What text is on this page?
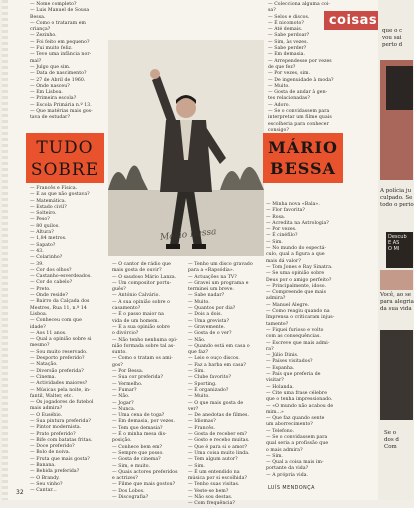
coisas

— Nome completo?

— Luis Manuel de Sousa

Bessa.

— Como o trataram em

criança?

— Zezinho.

— Foi feito em pequeno?

— Fui muito feliz.

— Teve uma infância nor-

mal?

— Julgo que sim.

— Data de nascimento?

— 27 de Abril de 1960.

— Onde nasceu?

— Em Lisboa.

— Primeira escola?

— Escola Primária n.º 13.

— Que matérias mais gos-

tava de estudar?

— Francês e Física.

— E as que não gostava?

— Matemática.

— Estado civil?

— Solteiro.

— Peso?

— 80 quilos.

— Altura?

— 1,84 metros.

— Sapato?

— 43.

— Colarinho?

— 39.

— Cor dos olhos?

— Castanho-esverdeados.

— Cor do cabelo?

— Preto.

— Onde reside?

— Bairro da Calçada dos

Mestres, Rua 11, n.º 14

Lisboa.

— Conheceu com que

idade?

— Aos 11 anos.

— Qual a opinião sobre si

mesmo?

— Sou muito reservado.

— Desporto preferido?

— Natação.

— Diversão preferida?

— Cinema.

— Actividades maiores?

— Músicas pela noite, in-

fantil, Walter, etc.

— Os jogadores de futebol

mais admira?

— O Eusébio.

— Sua pintura preferida?

— Pintor modernista.

— Prato preferido?

— Bife com batatas fritas.

— Doce preferido?

— Bolo de noiva.

— Fruta que mais gosta?

— Banana.

— Bebida preferida?

— O Brandy.

— Seu vinho?

— Cantar...

TUDO
SOBRE
Mário Bessa

— Colecciona alguma coi-

sa?

— Selos e discos.

— É nicomoto?

— Até demais.

— Sabe perdoar?

— Sim, às vezes.

— Sabe perder?

— Em demasia.

— Arrependesse por vezes

de que fez?

— Por vezes, sim.

— De ingenuidade à moda?

— Muito.

— Gosta de andar à gen-

tes relacionadas?

— Adoro.

— Se o convidassem para

interpretar um filme quais

escolheria para conhecer

consigo?

MÁRIO
BESSA

— O cantor de rádio que

mais gosta de ouvir?

— O saudoso Mário Lanza.

— Um compositor portu-

guês?

— António Calvário.

— A sua opinião sobre o

casamento?

— É o passo maior na

vida de um homem.

— E a sua opinião sobre

o divórcio?

— Não tenho nenhuma opi-

nião formada sobre tal as-

sunto.

— Como o tratam os ami-

gos?

— Por Bessa.

— Sua cor preferida?

— Vermelho.

— Fumar?

— Não.

— Jogar?

— Nunca.

— Uma cena de toga?

— Em demasia, por vezes.

— Tem que demasia?

— É o minha mesa dis-

posição.

— Conhece bem em?

— Sempre que posso.

— Gosta de cinema?

— Sim, e muito.

— Quais actores preferidos

e actrizes?

— Filme que mais gostou?

— Dos Lobos.

— Discografia?

— Tenho um disco gravado

para a «Rapsódia».

— Actuações na TV?

— Gravei um programa e

terminei um breve.

— Sabe nadar?

— Muito.

— Quantos por dia?

— Dois a dois.

— Uma grevista?

— Gravemente.

— Gosta de o ver?

— Não.

— Quando está em casa o

que faz?

— Leio e ouço discos.

— Faz a barba em casa?

— Sim.

— Clube favorito?

— Sporting.

— É organizado?

— Muito.

— O que mais gosta de

ver?

— De anedotas de filmes.

— Idiomas?

— Francês.

— Gosta de receber em?

— Gosto e recebo muitas.

— Que é para si o amor?

— Uma coisa muito linda.

— Tem algum autor?

— Sim.

— É um entendido na

música por si escolhida?

— Tenho suas visitas.

— Veste-se bem?

— Não sou destas.

— Com frequência?

— Minha nova «Bala».

— Flor favorita?

— Rosa.

— Acredita na Astrologia?

— Por vezes.

— É cinéfilo?

— Sim.

— No mundo do espectá-

culo, qual a figura a que

mais dá valor?

— Tom Jones e Ray Sinatra.

— Se uma opinião sobre

Deus por o amigo perfeito?

— Principalmente, idoso.

— Compreende que mais

admira?

— Manuel Alegre.

— Como reagiu quando na

Imprensa o criticaram injus-

tamente?

— Fiquei furioso e volto

com as consequências.

— Escreve que mais admi-

ra?

— Júlio Dinis.

— Países visitados?

— Espanha.

— País que preferia de

visitar?

— Holanda.

— Cite uma frase célebre

que o tenha impressionado.

— «O mundo não acabou de

mim...»

— Que faz quando sente

um aborrecimento?

— Telefono.

— Se o convidassem para

qual seria a profissão que

o mais admira?

— Sim.

— Qual a coisa mais im-

portante da vida?

— A própria vida.

32
LUÍS MENDONÇA

que o c

vou sai

perto d

A polícia ju

culpado. Se

todo o perio

Descub

E AS

O MI

Você, ao se

para alegria

da sua vida

Se o

dos d

Com
